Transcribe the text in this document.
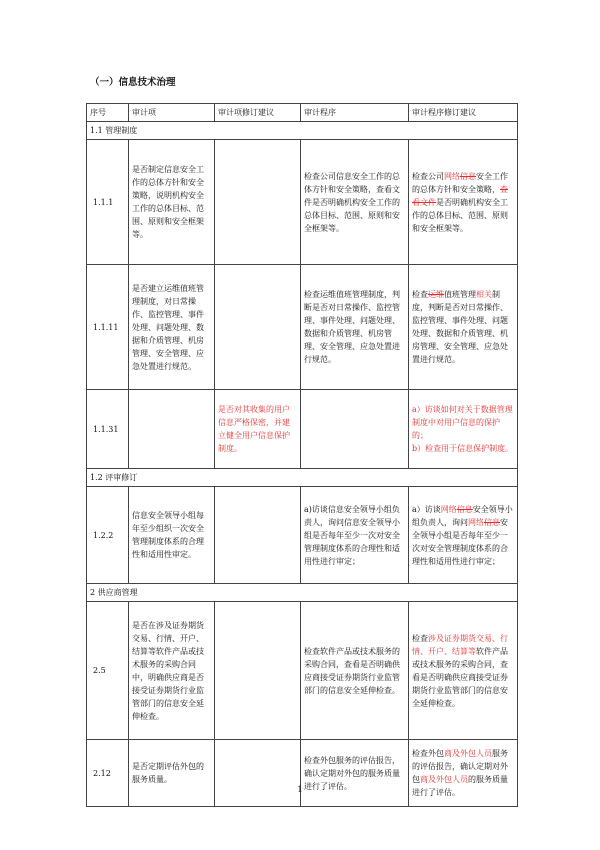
（一）信息技术治理
序号	审计项	审计项修订建议	审计程序	审计程序修订建议
1.1 管理制度				
1.1.1	是否制定信息安全工作的总体方针和安全策略，说明机构安全工作的总体目标、范围、原则和安全框架等。		检查公司信息安全工作的总体方针和安全策略，查看文件是否明确机构安全工作的总体目标、范围、原则和安全框架等。	检查公司网络信息安全工作的总体方针和安全策略，查看文件是否明确机构安全工作的总体目标、范围、原则和安全框架等。
1.1.11	是否建立运维值班管理制度，对日常操作、监控管理、事件处理、问题处理、数据和介质管理、机房管理、安全管理、应急处置进行规范。		检查运维值班管理制度，判断是否对日常操作、监控管理、事件处理、问题处理、数据和介质管理、机房管理、安全管理、应急处置进行规范。	检查运维值班管理相关制度，判断是否对日常操作、监控管理、事件处理、问题处理、数据和介质管理、机房管理、安全管理、应急处置进行规范。
1.1.31		是否对其收集的用户信息严格保密，并建立健全用户信息保护制度。		a）访谈如何对关于数据管理制度中对用户信息的保护的；
b）检查用于信息保护制度。

1.2 评审修订				
1.2.2	信息安全领导小组每年至少组织一次安全管理制度体系的合理性和适用性审定。		a)访谈信息安全领导小组负责人，询问信息安全领导小组是否每年至少一次对安全管理制度体系的合理性和适用性进行审定；	a）访谈网络信息安全领导小组负责人，询问网络信息安全领导小组是否每年至少一次对安全管理制度体系的合理性和适用性进行审定；
2 供应商管理				
2.5	是否在涉及证券期货交易、行情、开户、结算等软件产品或技术服务的采购合同中，明确供应商是否接受证券期货行业监管部门的信息安全延伸检查。		检查软件产品或技术服务的采购合同，查看是否明确供应商接受证券期货行业监管部门的信息安全延伸检查。	检查涉及证券期货交易、行情、开户、结算等软件产品或技术服务的采购合同，查看是否明确供应商接受证券期货行业监管部门的信息安全延伸检查。
2.12	是否定期评估外包的服务质量。		检查外包服务的评估报告，确认定期对外包的服务质量进行了评估。	检查外包商及外包人员服务的评估报告，确认定期对外包商及外包人员的服务质量进行了评估。
1
